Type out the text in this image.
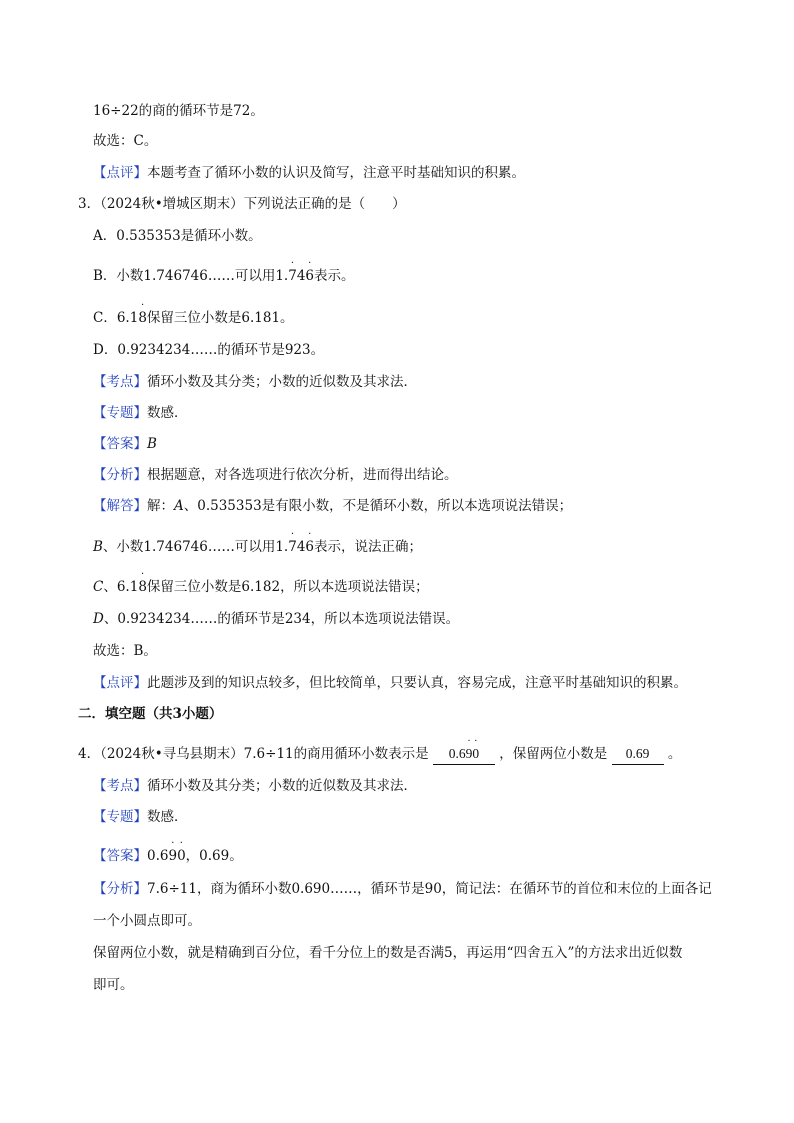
16÷22的商的循环节是72。
故选：C。
【点评】本题考查了循环小数的认识及简写，注意平时基础知识的积累。
3．（2024秋•增城区期末）下列说法正确的是（　　）
A．0.535353是循环小数。
B．小数1.746746……可以用1.
·
74
·
6表示。
C．6.1
·
8保留三位小数是6.181。
D．0.9234234……的循环节是923。
【考点】循环小数及其分类；小数的近似数及其求法．
【专题】数感．
【答案】B
【分析】根据题意，对各选项进行依次分析，进而得出结论。
【解答】解：A、0.535353是有限小数，不是循环小数，所以本选项说法错误；
B、小数1.746746……可以用1.
·
74
·
6表示，说法正确；
C、6.1
·
8保留三位小数是6.182，所以本选项说法错误；
D、0.9234234……的循环节是234，所以本选项说法错误。
故选：B。
【点评】此题涉及到的知识点较多，但比较简单，只要认真，容易完成，注意平时基础知识的积累。
二．填空题（共3小题）
4．（2024秋•寻乌县期末）7.6÷11的商用循环小数表示是 0.6
·
9
·
0 ，保留两位小数是 0.69 。
【考点】循环小数及其分类；小数的近似数及其求法．
【专题】数感．
【答案】0.6
·
9
·
0，0.69。
【分析】7.6÷11，商为循环小数0.690……，循环节是90，简记法：在循环节的首位和末位的上面各记
一个小圆点即可。
保留两位小数，就是精确到百分位，看千分位上的数是否满5，再运用“四舍五入”的方法求出近似数
即可。
